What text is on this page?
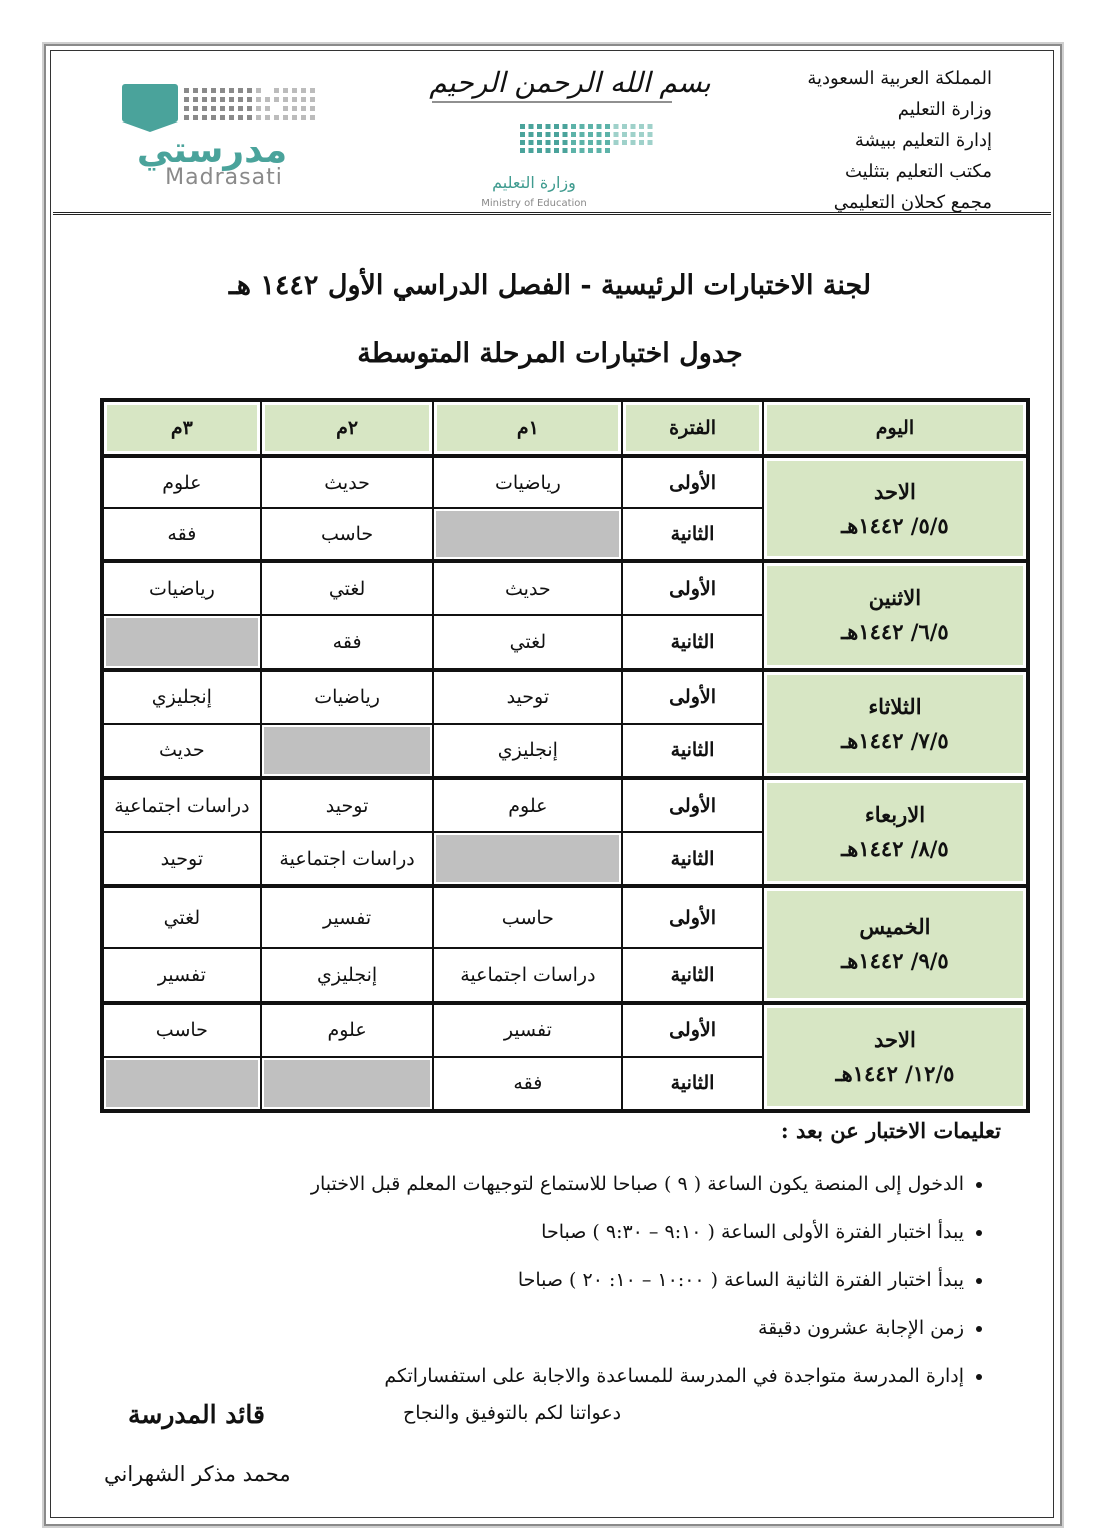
المملكة العربية السعودية
وزارة التعليم
إدارة التعليم ببيشة
مكتب التعليم بتثليث
مجمع كحلان التعليمي
بسم الله الرحمن الرحيم
وزارة التعليم
Ministry of Education
مدرستي
Madrasati
لجنة الاختبارات الرئيسية - الفصل الدراسي الأول ١٤٤٢ هـ
جدول اختبارات المرحلة المتوسطة
اليوم	الفترة	١م	٢م	٣م

الاحد
٥/٥/ ١٤٤٢هـ	الأولى	رياضيات	حديث	علوم
	الثانية		حاسب	فقه

الاثنين
٦/٥/ ١٤٤٢هـ	الأولى	حديث	لغتي	رياضيات
	الثانية	لغتي	فقه	

الثلاثاء
٧/٥/ ١٤٤٢هـ	الأولى	توحيد	رياضيات	إنجليزي
	الثانية	إنجليزي		حديث

الاربعاء
٨/٥/ ١٤٤٢هـ	الأولى	علوم	توحيد	دراسات اجتماعية
	الثانية		دراسات اجتماعية	توحيد

الخميس
٩/٥/ ١٤٤٢هـ	الأولى	حاسب	تفسير	لغتي
	الثانية	دراسات اجتماعية	إنجليزي	تفسير

الاحد
١٢/٥/ ١٤٤٢هـ	الأولى	تفسير	علوم	حاسب
	الثانية	فقه		
تعليمات الاختبار عن بعد :
• الدخول إلى المنصة يكون الساعة ( ٩ ) صباحا للاستماع لتوجيهات المعلم قبل الاختبار
• يبدأ اختبار الفترة الأولى الساعة ( ٩:١٠ – ٩:٣٠ ) صباحا
• يبدأ اختبار الفترة الثانية الساعة ( ١٠:٠٠ – ١٠: ٢٠ ) صباحا
• زمن الإجابة عشرون دقيقة
• إدارة المدرسة متواجدة في المدرسة للمساعدة والاجابة على استفساراتكم
دعواتنا لكم بالتوفيق والنجاح
قائد المدرسة
محمد مذكر الشهراني
